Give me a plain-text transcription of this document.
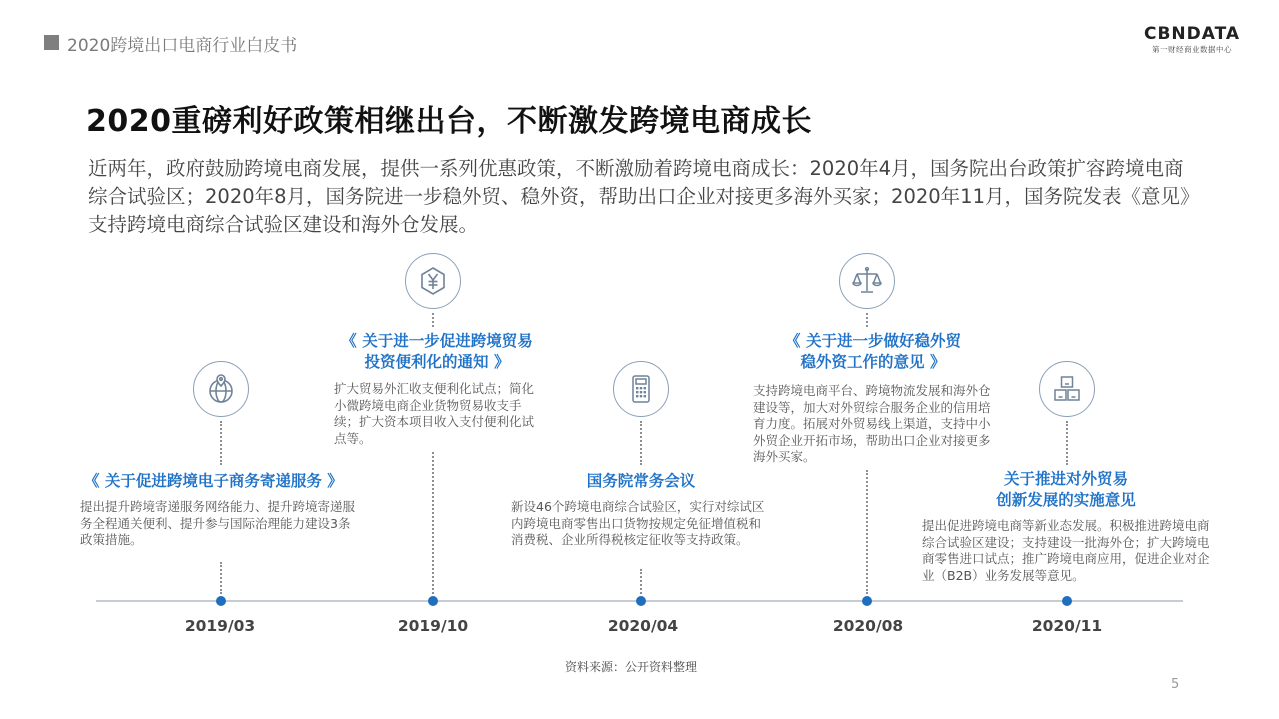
2020跨境出口电商行业白皮书
CBNDATA
第一财经商业数据中心
2020重磅利好政策相继出台，不断激发跨境电商成长
近两年，政府鼓励跨境电商发展，提供一系列优惠政策，不断激励着跨境电商成长：2020年4月，国务院出台政策扩容跨境电商综合试验区；2020年8月，国务院进一步稳外贸、稳外资，帮助出口企业对接更多海外买家；2020年11月，国务院发表《意见》支持跨境电商综合试验区建设和海外仓发展。
《 关于促进跨境电子商务寄递服务 》
提出提升跨境寄递服务网络能力、提升跨境寄递服务全程通关便利、提升参与国际治理能力建设3条政策措施。
2019/03
《 关于进一步促进跨境贸易
投资便利化的通知 》
扩大贸易外汇收支便利化试点；简化小微跨境电商企业货物贸易收支手续；扩大资本项目收入支付便利化试点等。
2019/10
国务院常务会议
新设46个跨境电商综合试验区，实行对综试区内跨境电商零售出口货物按规定免征增值税和消费税、企业所得税核定征收等支持政策。
2020/04
《 关于进一步做好稳外贸
稳外资工作的意见 》
支持跨境电商平台、跨境物流发展和海外仓建设等，加大对外贸综合服务企业的信用培育力度。拓展对外贸易线上渠道，支持中小外贸企业开拓市场，帮助出口企业对接更多海外买家。
2020/08
关于推进对外贸易
创新发展的实施意见
提出促进跨境电商等新业态发展。积极推进跨境电商综合试验区建设；支持建设一批海外仓；扩大跨境电商零售进口试点；推广跨境电商应用，促进企业对企业（B2B）业务发展等意见。
2020/11
资料来源：公开资料整理
5
